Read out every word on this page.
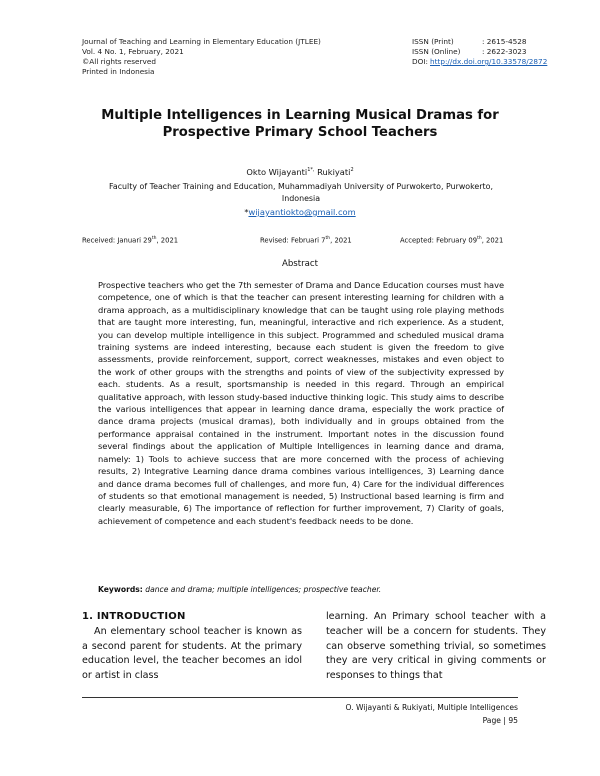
Journal of Teaching and Learning in Elementary Education (JTLEE)
Vol. 4 No. 1, February, 2021
©All rights reserved
Printed in Indonesia
ISSN (Print)	: 2615-4528
ISSN (Online)	: 2622-3023
DOI: http://dx.doi.org/10.33578/2872
Multiple Intelligences in Learning Musical Dramas for
Prospective Primary School Teachers
Okto Wijayanti$^{1*,}$ Rukiyati$^2$
Faculty of Teacher Training and Education, Muhammadiyah University of Purwokerto, Purwokerto,
Indonesia
*wijayantiokto@gmail.com
Received: Januari 29th, 2021	Revised: Februari 7th, 2021	Accepted: February 09th, 2021
Abstract
Prospective teachers who get the 7th semester of Drama and Dance Education courses must have competence, one of which is that the teacher can present interesting learning for children with a drama approach, as a multidisciplinary knowledge that can be taught using role playing methods that are taught more interesting, fun, meaningful, interactive and rich experience. As a student, you can develop multiple intelligence in this subject. Programmed and scheduled musical drama training systems are indeed interesting, because each student is given the freedom to give assessments, provide reinforcement, support, correct weaknesses, mistakes and even object to the work of other groups with the strengths and points of view of the subjectivity expressed by each. students. As a result, sportsmanship is needed in this regard. Through an empirical qualitative approach, with lesson study-based inductive thinking logic. This study aims to describe the various intelligences that appear in learning dance drama, especially the work practice of dance drama projects (musical dramas), both individually and in groups obtained from the performance appraisal contained in the instrument. Important notes in the discussion found several findings about the application of Multiple Intelligences in learning dance and drama, namely: 1) Tools to achieve success that are more concerned with the process of achieving results, 2) Integrative Learning dance drama combines various intelligences, 3) Learning dance and dance drama becomes full of challenges, and more fun, 4) Care for the individual differences of students so that emotional management is needed, 5) Instructional based learning is firm and clearly measurable, 6) The importance of reflection for further improvement, 7) Clarity of goals, achievement of competence and each student's feedback needs to be done.
Keywords: dance and drama; multiple intelligences; prospective teacher.
1. INTRODUCTION
An elementary school teacher is known as a second parent for students. At the primary education level, the teacher becomes an idol or artist in class
learning. An Primary school teacher with a teacher will be a concern for students. They can observe something trivial, so sometimes they are very critical in giving comments or responses to things that
O. Wijayanti & Rukiyati, Multiple Intelligences
Page | 95
